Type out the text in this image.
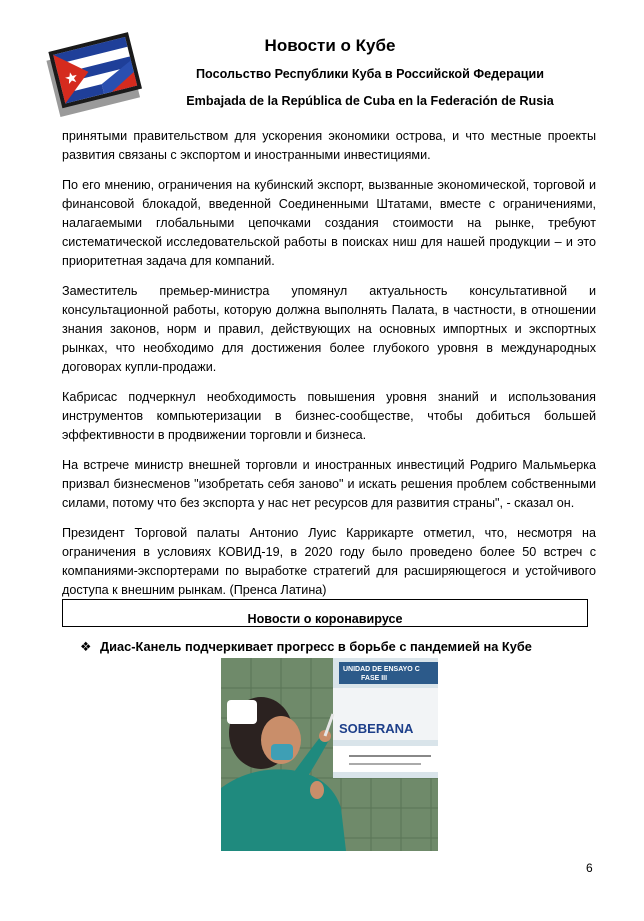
Новости о Кубе
Посольство Республики Куба в Российской Федерации
Embajada de la República de Cuba en la Federación de Rusia

принятыми правительством для ускорения экономики острова, и что местные проекты развития связаны с экспортом и иностранными инвестициями.

По его мнению, ограничения на кубинский экспорт, вызванные экономической, торговой и финансовой блокадой, введенной Соединенными Штатами, вместе с ограничениями, налагаемыми глобальными цепочками создания стоимости на рынке, требуют систематической исследовательской работы в поисках ниш для нашей продукции – и это приоритетная задача для компаний.

Заместитель премьер-министра упомянул актуальность консультативной и консультационной работы, которую должна выполнять Палата, в частности, в отношении знания законов, норм и правил, действующих на основных импортных и экспортных рынках, что необходимо для достижения более глубокого уровня в международных договорах купли-продажи.

Кабрисас подчеркнул необходимость повышения уровня знаний и использования инструментов компьютеризации в бизнес-сообществе, чтобы добиться большей эффективности в продвижении торговли и бизнеса.

На встрече министр внешней торговли и иностранных инвестиций Родриго Мальмьерка призвал бизнесменов "изобретать себя заново" и искать решения проблем собственными силами, потому что без экспорта у нас нет ресурсов для развития страны", - сказал он.

Президент Торговой палаты Антонио Луис Каррикарте отметил, что, несмотря на ограничения в условиях КОВИД-19, в 2020 году было проведено более 50 встреч с компаниями-экспортерами по выработке стратегий для расширяющегося и устойчивого доступа к внешним рынкам. (Пренса Латина)

Новости о коронавирусе
❖ Диас-Канель подчеркивает прогресс в борьбе с пандемией на Кубе
UNIDAD DE ENSAYO C
FASE III
SOBERANA
6
